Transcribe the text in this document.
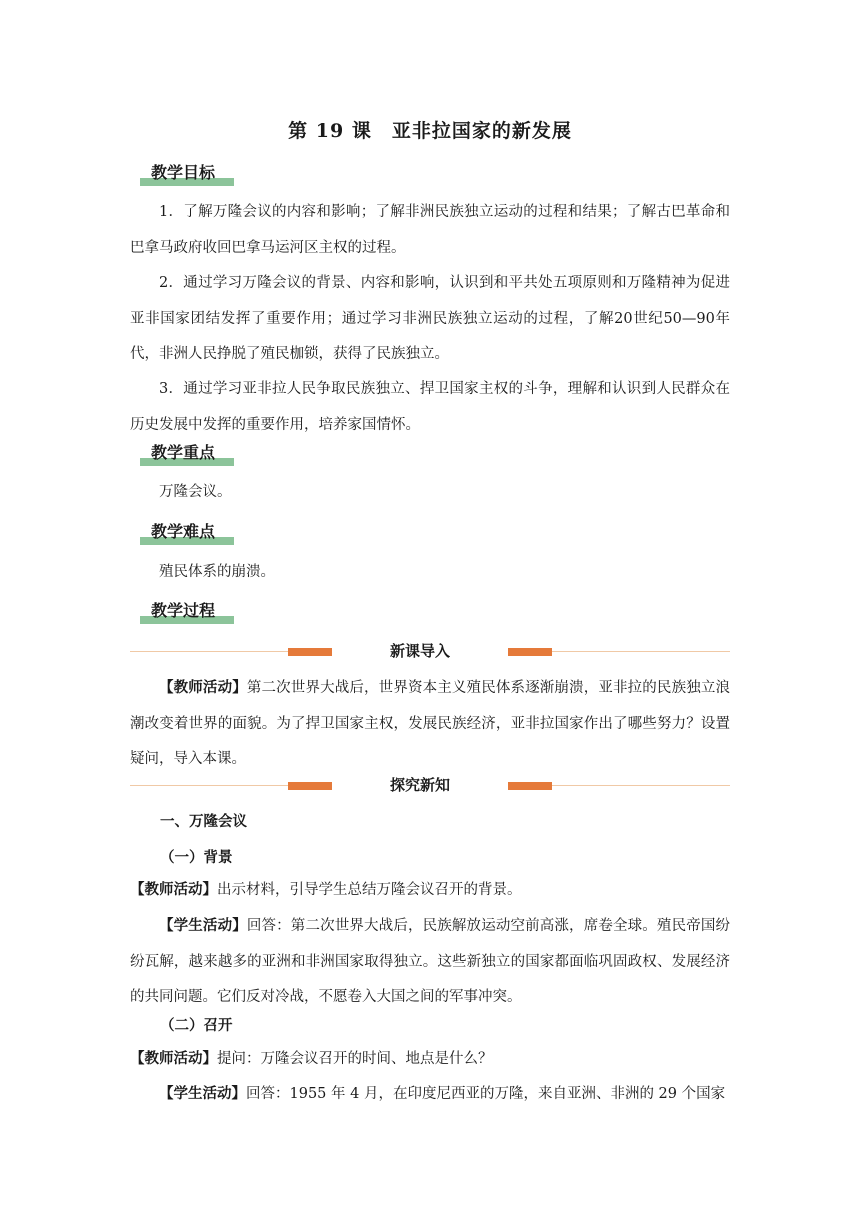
第 19 课　亚非拉国家的新发展
教学目标

1．了解万隆会议的内容和影响；了解非洲民族独立运动的过程和结果；了解古巴革命和巴拿马政府收回巴拿马运河区主权的过程。

2．通过学习万隆会议的背景、内容和影响，认识到和平共处五项原则和万隆精神为促进亚非国家团结发挥了重要作用；通过学习非洲民族独立运动的过程，了解20世纪50—90年代，非洲人民挣脱了殖民枷锁，获得了民族独立。

3．通过学习亚非拉人民争取民族独立、捍卫国家主权的斗争，理解和认识到人民群众在历史发展中发挥的重要作用，培养家国情怀。

教学重点

万隆会议。

教学难点

殖民体系的崩溃。

教学过程
新课导入

【教师活动】第二次世界大战后，世界资本主义殖民体系逐渐崩溃，亚非拉的民族独立浪潮改变着世界的面貌。为了捍卫国家主权，发展民族经济，亚非拉国家作出了哪些努力？设置疑问，导入本课。

探究新知
一、万隆会议
（一）背景

【教师活动】出示材料，引导学生总结万隆会议召开的背景。

【学生活动】回答：第二次世界大战后，民族解放运动空前高涨，席卷全球。殖民帝国纷纷瓦解，越来越多的亚洲和非洲国家取得独立。这些新独立的国家都面临巩固政权、发展经济的共同问题。它们反对冷战，不愿卷入大国之间的军事冲突。

（二）召开

【教师活动】提问：万隆会议召开的时间、地点是什么？

【学生活动】回答：1955 年 4 月，在印度尼西亚的万隆，来自亚洲、非洲的 29 个国家
